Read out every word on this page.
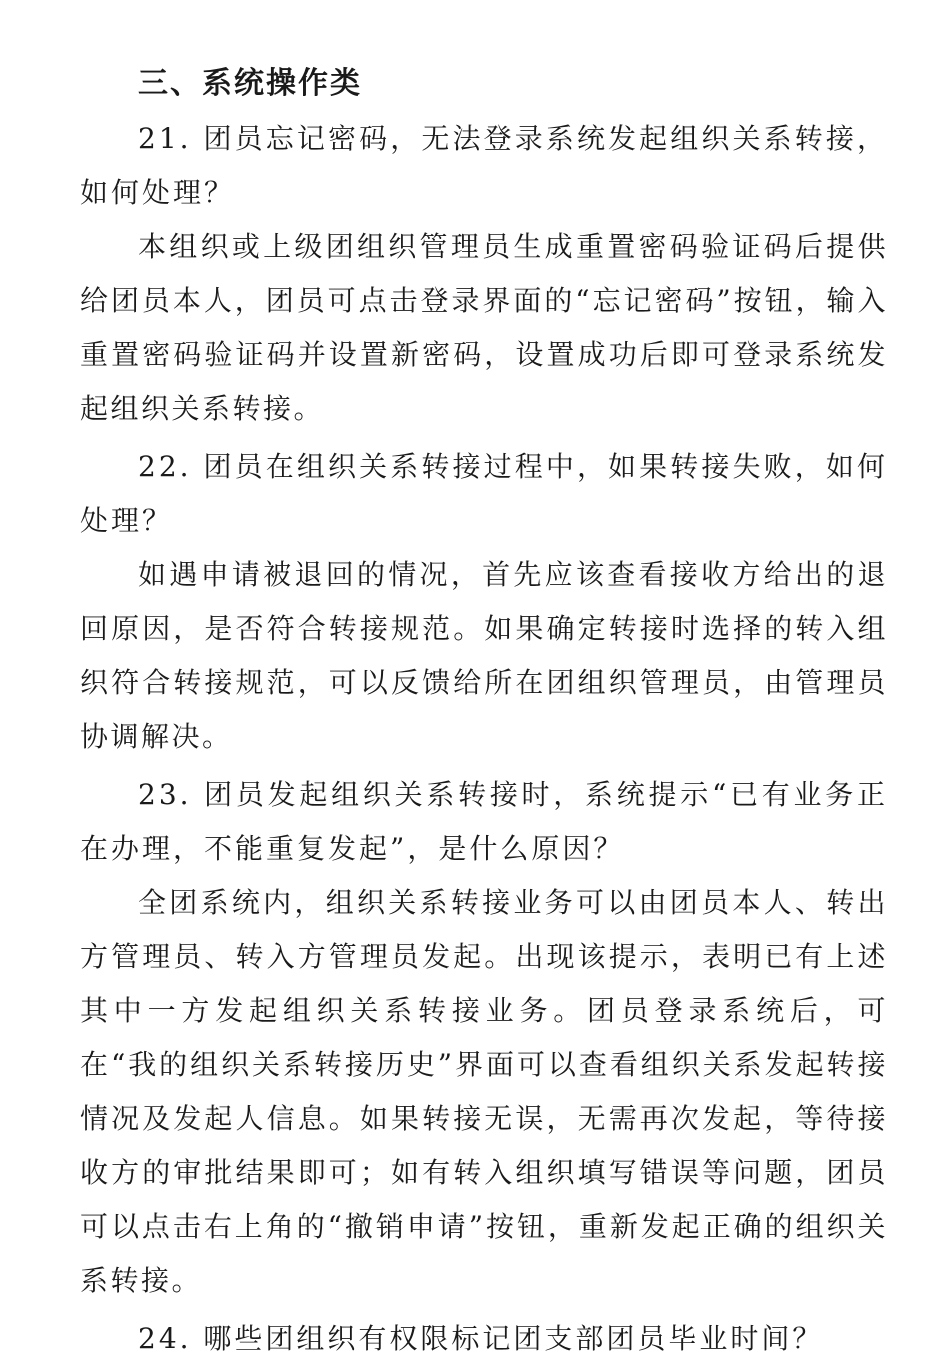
三、系统操作类

21. 团员忘记密码，无法登录系统发起组织关系转接，如何处理？

本组织或上级团组织管理员生成重置密码验证码后提供给团员本人，团员可点击登录界面的“忘记密码”按钮，输入重置密码验证码并设置新密码，设置成功后即可登录系统发起组织关系转接。

22. 团员在组织关系转接过程中，如果转接失败，如何处理？

如遇申请被退回的情况，首先应该查看接收方给出的退回原因，是否符合转接规范。如果确定转接时选择的转入组织符合转接规范，可以反馈给所在团组织管理员，由管理员协调解决。

23. 团员发起组织关系转接时，系统提示“已有业务正在办理，不能重复发起”，是什么原因？

全团系统内，组织关系转接业务可以由团员本人、转出方管理员、转入方管理员发起。出现该提示，表明已有上述其中一方发起组织关系转接业务。团员登录系统后，可在“我的组织关系转接历史”界面可以查看组织关系发起转接情况及发起人信息。如果转接无误，无需再次发起，等待接收方的审批结果即可；如有转入组织填写错误等问题，团员可以点击右上角的“撤销申请”按钮，重新发起正确的组织关系转接。

24. 哪些团组织有权限标记团支部团员毕业时间？
